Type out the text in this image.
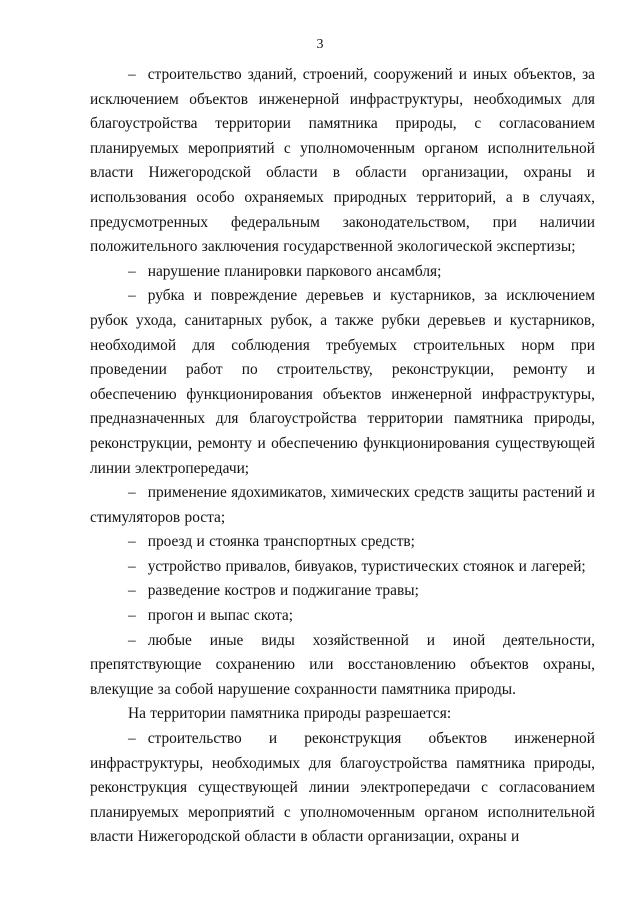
3

– строительство зданий, строений, сооружений и иных объектов, за исключением объектов инженерной инфраструктуры, необходимых для благоустройства территории памятника природы, с согласованием планируемых мероприятий с уполномоченным органом исполнительной власти Нижегородской области в области организации, охраны и использования особо охраняемых природных территорий, а в случаях, предусмотренных федеральным законодательством, при наличии положительного заключения государственной экологической экспертизы;

– нарушение планировки паркового ансамбля;

– рубка и повреждение деревьев и кустарников, за исключением рубок ухода, санитарных рубок, а также рубки деревьев и кустарников, необходимой для соблюдения требуемых строительных норм при проведении работ по строительству, реконструкции, ремонту и обеспечению функционирования объектов инженерной инфраструктуры, предназначенных для благоустройства территории памятника природы, реконструкции, ремонту и обеспечению функционирования существующей линии электропередачи;

– применение ядохимикатов, химических средств защиты растений и стимуляторов роста;

– проезд и стоянка транспортных средств;

– устройство привалов, бивуаков, туристических стоянок и лагерей;

– разведение костров и поджигание травы;

– прогон и выпас скота;

– любые иные виды хозяйственной и иной деятельности, препятствующие сохранению или восстановлению объектов охраны, влекущие за собой нарушение сохранности памятника природы.

На территории памятника природы разрешается:

– строительство и реконструкция объектов инженерной инфраструктуры, необходимых для благоустройства памятника природы, реконструкция существующей линии электропередачи с согласованием планируемых мероприятий с уполномоченным органом исполнительной власти Нижегородской области в области организации, охраны и
